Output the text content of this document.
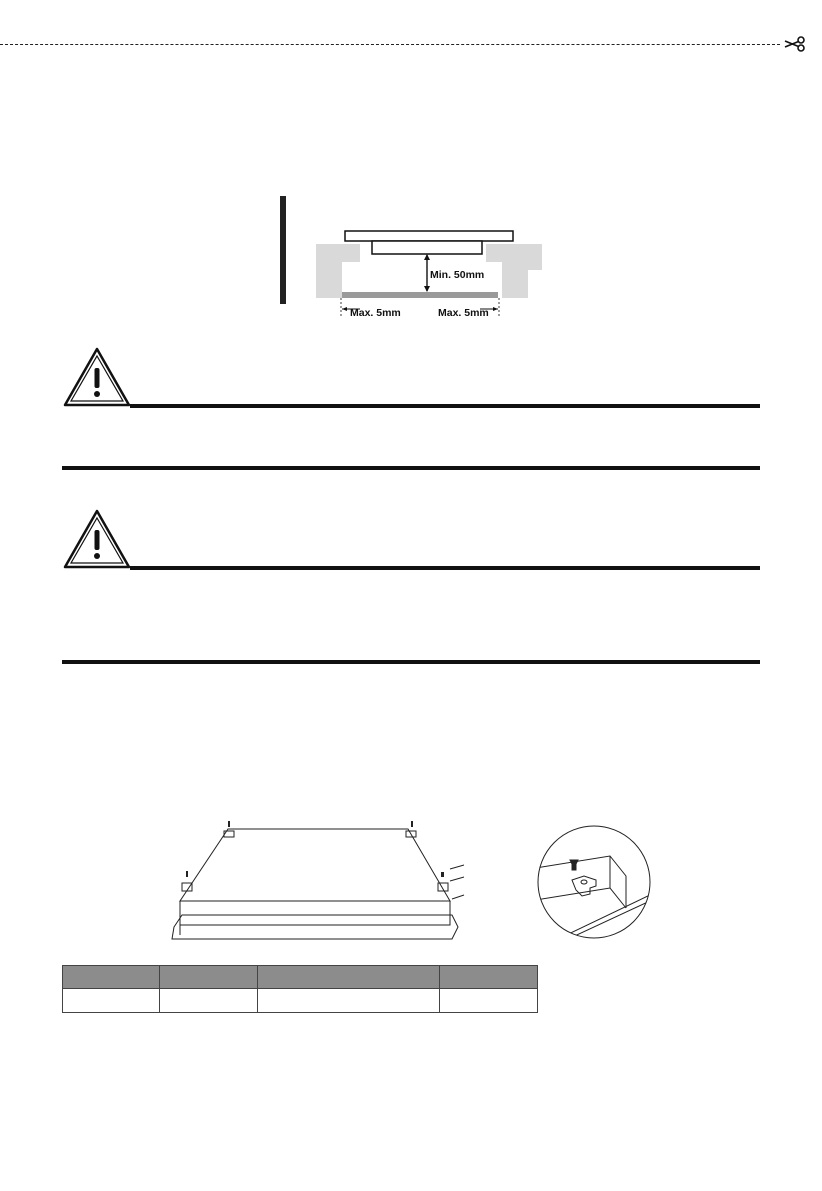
Min. 50mm
Max. 5mm	Max. 5mm
